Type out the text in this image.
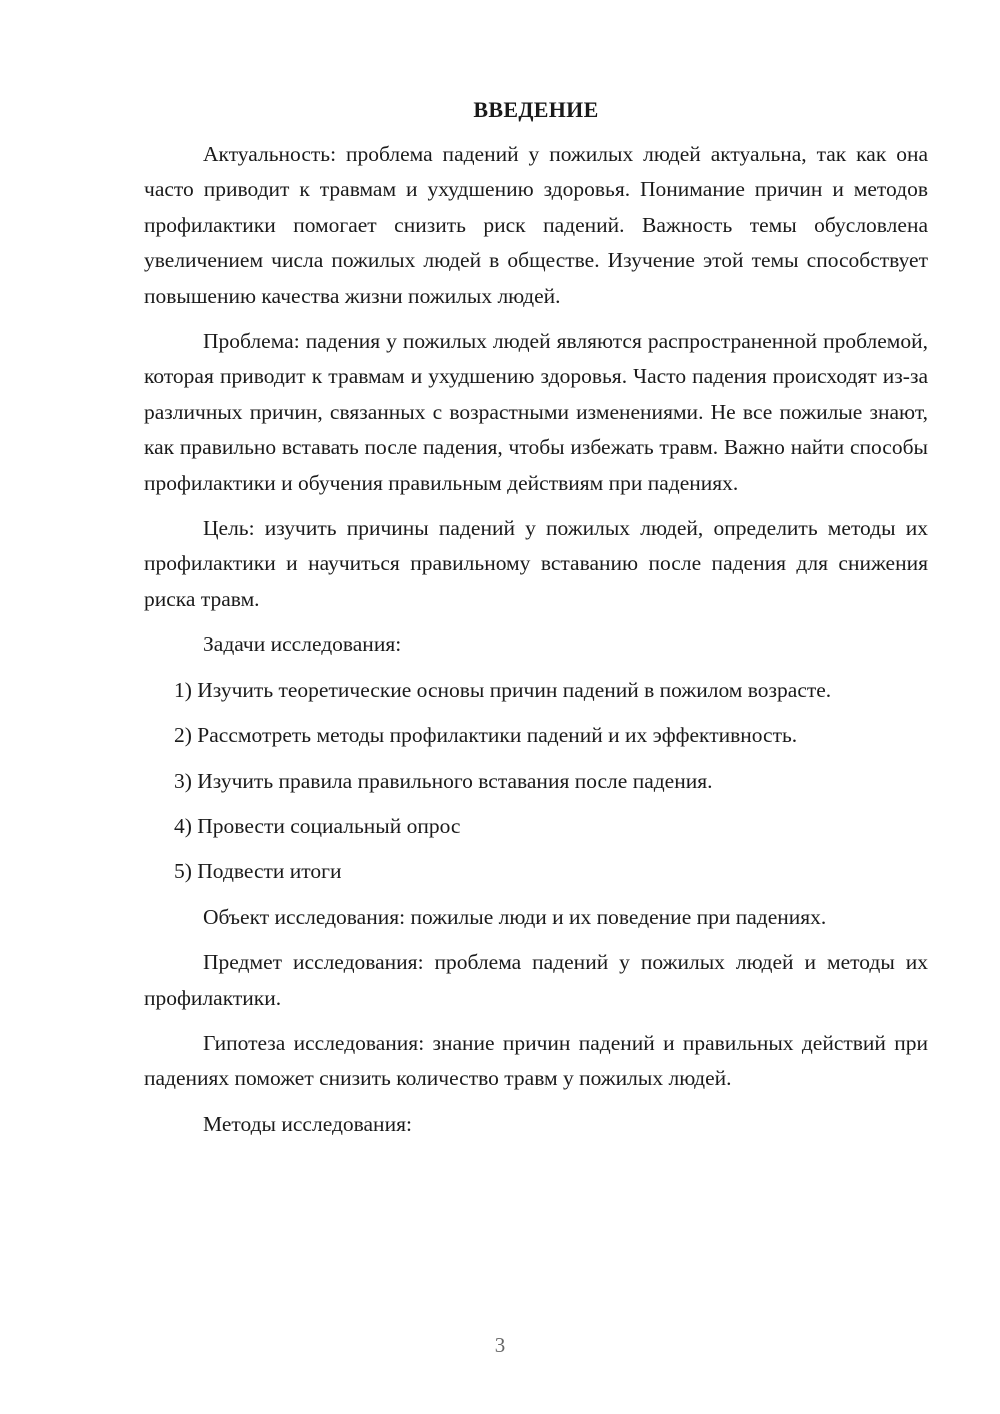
ВВЕДЕНИЕ

Актуальность: проблема падений у пожилых людей актуальна, так как она часто приводит к травмам и ухудшению здоровья. Понимание причин и методов профилактики помогает снизить риск падений. Важность темы обусловлена увеличением числа пожилых людей в обществе. Изучение этой темы способствует повышению качества жизни пожилых людей.

Проблема: падения у пожилых людей являются распространенной проблемой, которая приводит к травмам и ухудшению здоровья. Часто падения происходят из-за различных причин, связанных с возрастными изменениями. Не все пожилые знают, как правильно вставать после падения, чтобы избежать травм. Важно найти способы профилактики и обучения правильным действиям при падениях.

Цель: изучить причины падений у пожилых людей, определить методы их профилактики и научиться правильному вставанию после падения для снижения риска травм.

Задачи исследования:

1) Изучить теоретические основы причин падений в пожилом возрасте.

2) Рассмотреть методы профилактики падений и их эффективность.

3) Изучить правила правильного вставания после падения.

4) Провести социальный опрос

5) Подвести итоги

Объект исследования: пожилые люди и их поведение при падениях.

Предмет исследования: проблема падений у пожилых людей и методы их профилактики.

Гипотеза исследования: знание причин падений и правильных действий при падениях поможет снизить количество травм у пожилых людей.

Методы исследования:

3
